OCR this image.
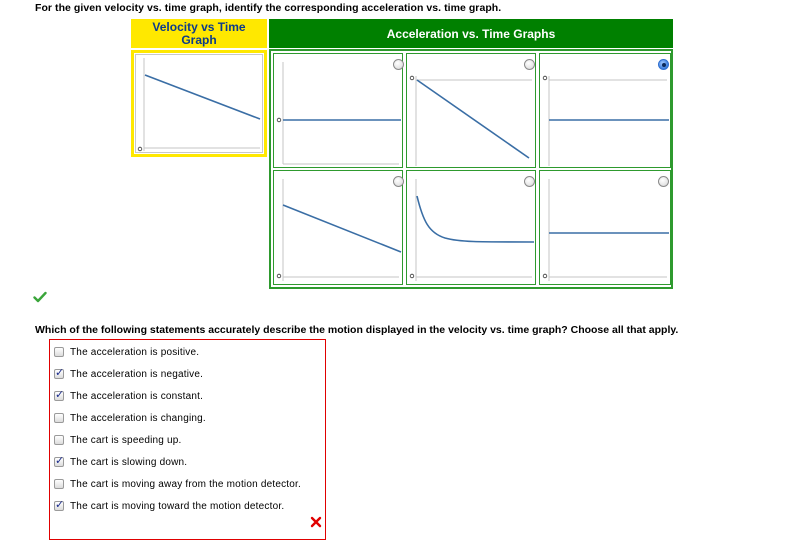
For the given velocity vs. time graph, identify the corresponding acceleration vs. time graph.
Velocity vs Time
Graph	Acceleration vs. Time Graphs
Which of the following statements accurately describe the motion displayed in the velocity vs. time graph? Choose all that apply.
The acceleration is positive.
✓
The acceleration is negative.
✓
The acceleration is constant.
The acceleration is changing.
The cart is speeding up.
✓
The cart is slowing down.
The cart is moving away from the motion detector.
✓
The cart is moving toward the motion detector.
